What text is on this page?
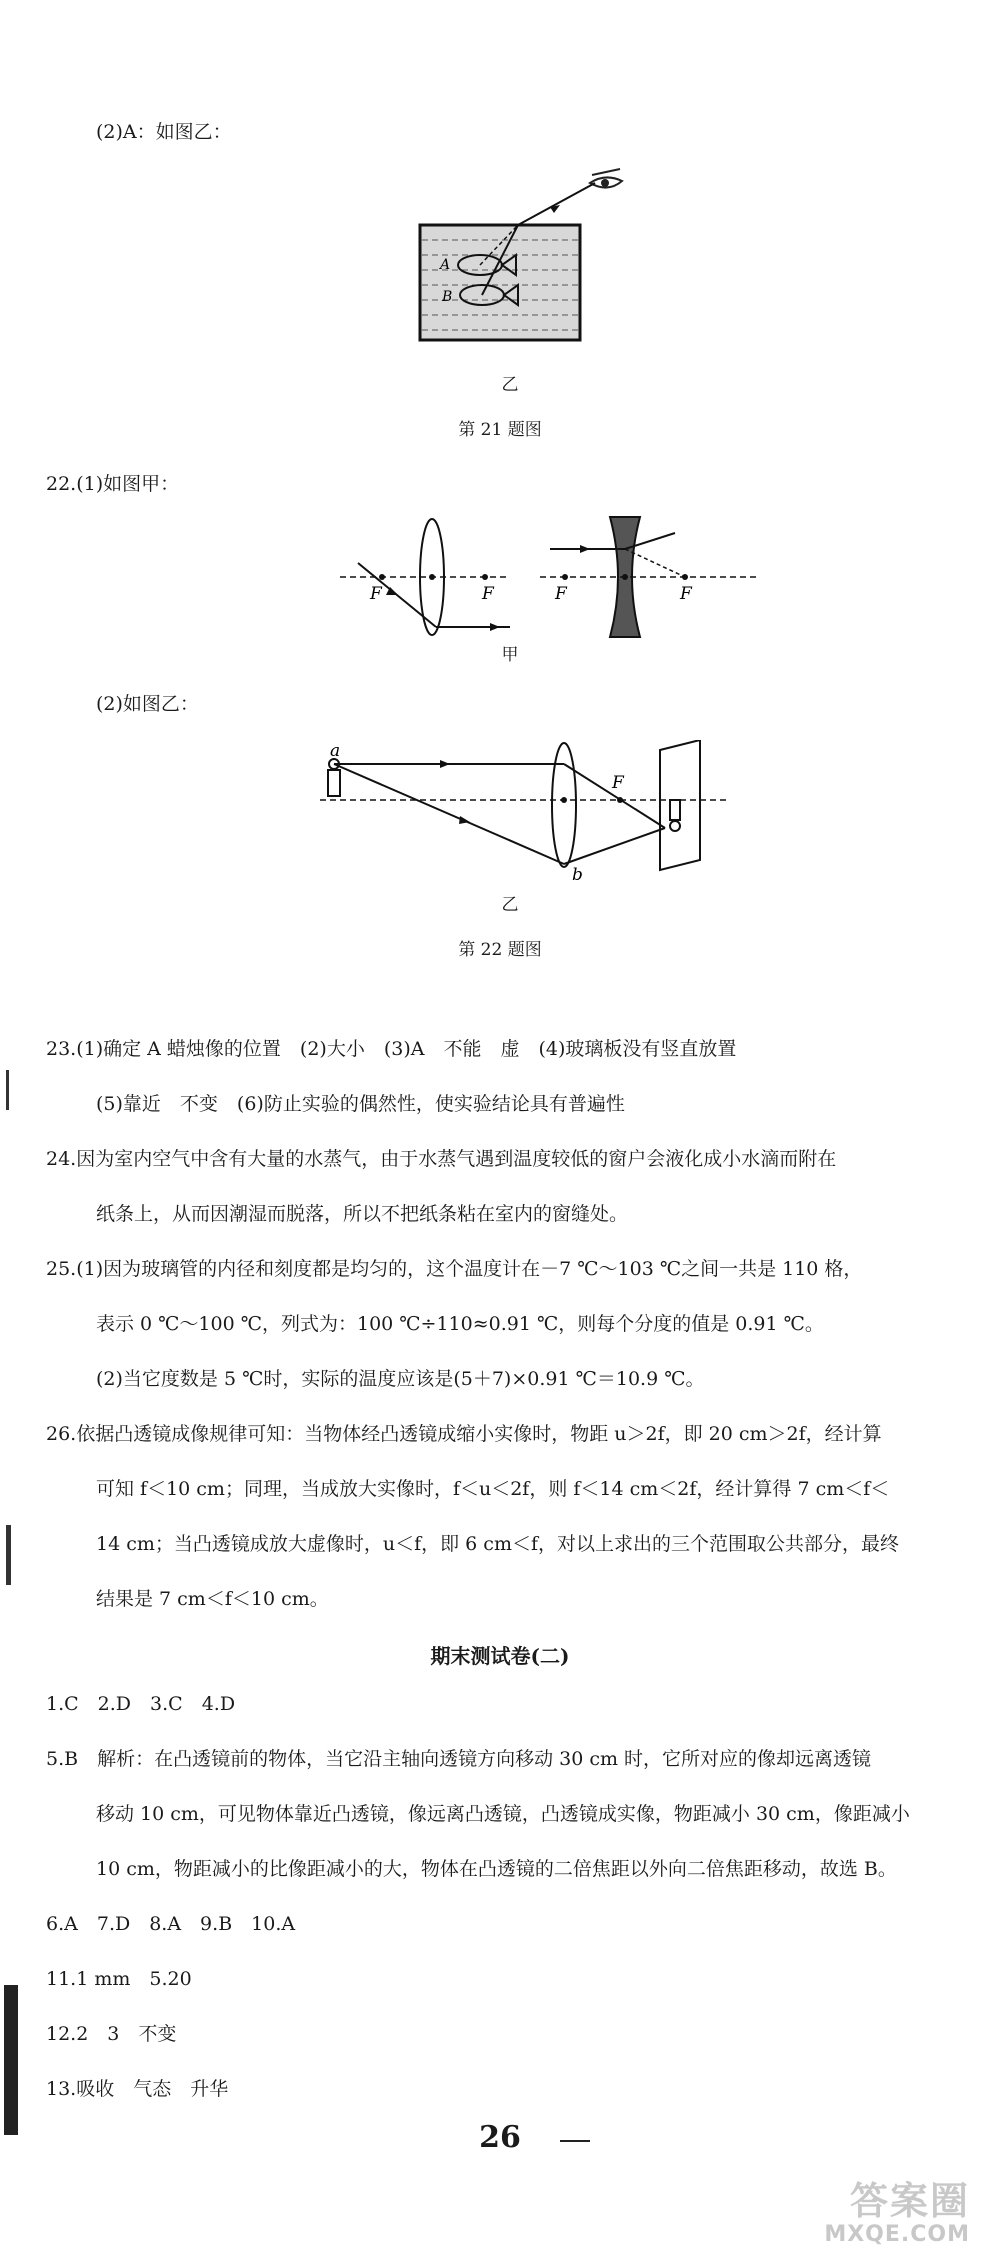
(2)A：如图乙：
A
B
乙
第 21 题图
22.(1)如图甲：
F	F	F	F
甲
(2)如图乙：
a
F
b
乙
第 22 题图
23.(1)确定 A 蜡烛像的位置　(2)大小　(3)A　不能　虚　(4)玻璃板没有竖直放置
(5)靠近　不变　(6)防止实验的偶然性，使实验结论具有普遍性
24.因为室内空气中含有大量的水蒸气，由于水蒸气遇到温度较低的窗户会液化成小水滴而附在
纸条上，从而因潮湿而脱落，所以不把纸条粘在室内的窗缝处。
25.(1)因为玻璃管的内径和刻度都是均匀的，这个温度计在－7 ℃～103 ℃之间一共是 110 格，
表示 0 ℃～100 ℃，列式为：100 ℃÷110≈0.91 ℃，则每个分度的值是 0.91 ℃。
(2)当它度数是 5 ℃时，实际的温度应该是(5＋7)×0.91 ℃＝10.9 ℃。
26.依据凸透镜成像规律可知：当物体经凸透镜成缩小实像时，物距 u＞2f，即 20 cm＞2f，经计算
可知 f＜10 cm；同理，当成放大实像时，f＜u＜2f，则 f＜14 cm＜2f，经计算得 7 cm＜f＜
14 cm；当凸透镜成放大虚像时，u＜f，即 6 cm＜f，对以上求出的三个范围取公共部分，最终
结果是 7 cm＜f＜10 cm。
期末测试卷(二)
1.C　2.D　3.C　4.D
5.B　解析：在凸透镜前的物体，当它沿主轴向透镜方向移动 30 cm 时，它所对应的像却远离透镜
移动 10 cm，可见物体靠近凸透镜，像远离凸透镜，凸透镜成实像，物距减小 30 cm，像距减小
10 cm，物距减小的比像距减小的大，物体在凸透镜的二倍焦距以外向二倍焦距移动，故选 B。
6.A　7.D　8.A　9.B　10.A
11.1 mm　5.20
12.2　3　不变
13.吸收　气态　升华
26
答案圈
MXQE.COM
